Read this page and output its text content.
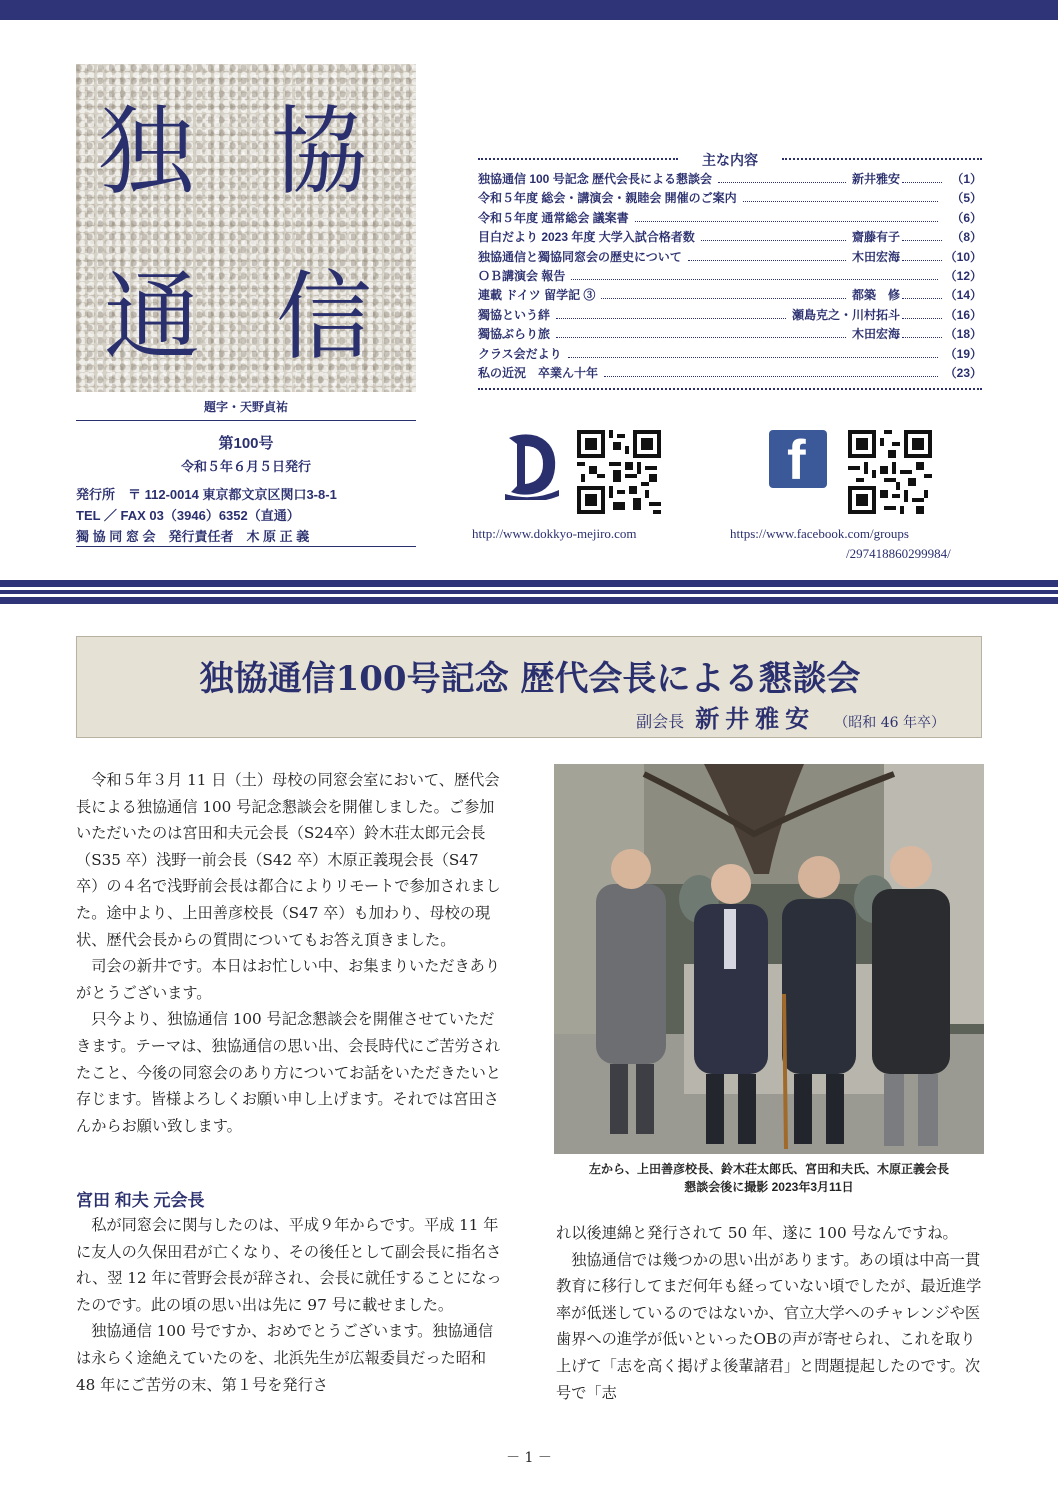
独 協
通 信
題字・天野貞祐
第100号
令和５年６月５日発行
発行所　〒 112-0014 東京都文京区関口3-8-1
TEL ／ FAX 03（3946）6352（直通）
獨 協 同 窓 会　発行責任者　木 原 正 義
主な内容
独協通信 100 号記念 歴代会長による懇談会	新井雅安	（1）
令和５年度 総会・講演会・親睦会 開催のご案内	（5）
令和５年度 通常総会 議案書	（6）
目白だより 2023 年度 大学入試合格者数	齋藤有子	（8）
独協通信と獨協同窓会の歴史について	木田宏海	（10）
ＯＢ講演会 報告	（12）
連載 ドイツ 留学記 ③	都築　修	（14）
獨協という絆	瀬島克之・川村拓斗	（16）
獨協ぶらり旅	木田宏海	（18）
クラス会だより	（19）
私の近況　卒業ん十年	（23）
f
http://www.dokkyo-mejiro.com	https://www.facebook.com/groups
/297418860299984/
独協通信100号記念 歴代会長による懇談会
副会長 新井雅安 （昭和 46 年卒）

令和５年３月 11 日（土）母校の同窓会室において、歴代会長による独協通信 100 号記念懇談会を開催しました。ご参加いただいたのは宮田和夫元会長（S24卒）鈴木荘太郎元会長（S35 卒）浅野一前会長（S42 卒）木原正義現会長（S47 卒）の４名で浅野前会長は都合によりリモートで参加されました。途中より、上田善彦校長（S47 卒）も加わり、母校の現状、歴代会長からの質問についてもお答え頂きました。

司会の新井です。本日はお忙しい中、お集まりいただきありがとうございます。

只今より、独協通信 100 号記念懇談会を開催させていただきます。テーマは、独協通信の思い出、会長時代にご苦労されたこと、今後の同窓会のあり方についてお話をいただきたいと存じます。皆様よろしくお願い申し上げます。それでは宮田さんからお願い致します。

宮田 和夫 元会長

私が同窓会に関与したのは、平成９年からです。平成 11 年に友人の久保田君が亡くなり、その後任として副会長に指名され、翌 12 年に菅野会長が辞され、会長に就任することになったのです。此の頃の思い出は先に 97 号に載せました。

独協通信 100 号ですか、おめでとうございます。独協通信は永らく途絶えていたのを、北浜先生が広報委員だった昭和 48 年にご苦労の末、第１号を発行さ

左から、上田善彦校長、鈴木荘太郎氏、宮田和夫氏、木原正義会長
懇談会後に撮影 2023年3月11日

れ以後連綿と発行されて 50 年、遂に 100 号なんですね。

独協通信では幾つかの思い出があります。あの頃は中高一貫教育に移行してまだ何年も経っていない頃でしたが、最近進学率が低迷しているのではないか、官立大学へのチャレンジや医歯界への進学が低いといったOBの声が寄せられ、これを取り上げて「志を高く掲げよ後輩諸君」と問題提起したのです。次号で「志

－ 1 －
